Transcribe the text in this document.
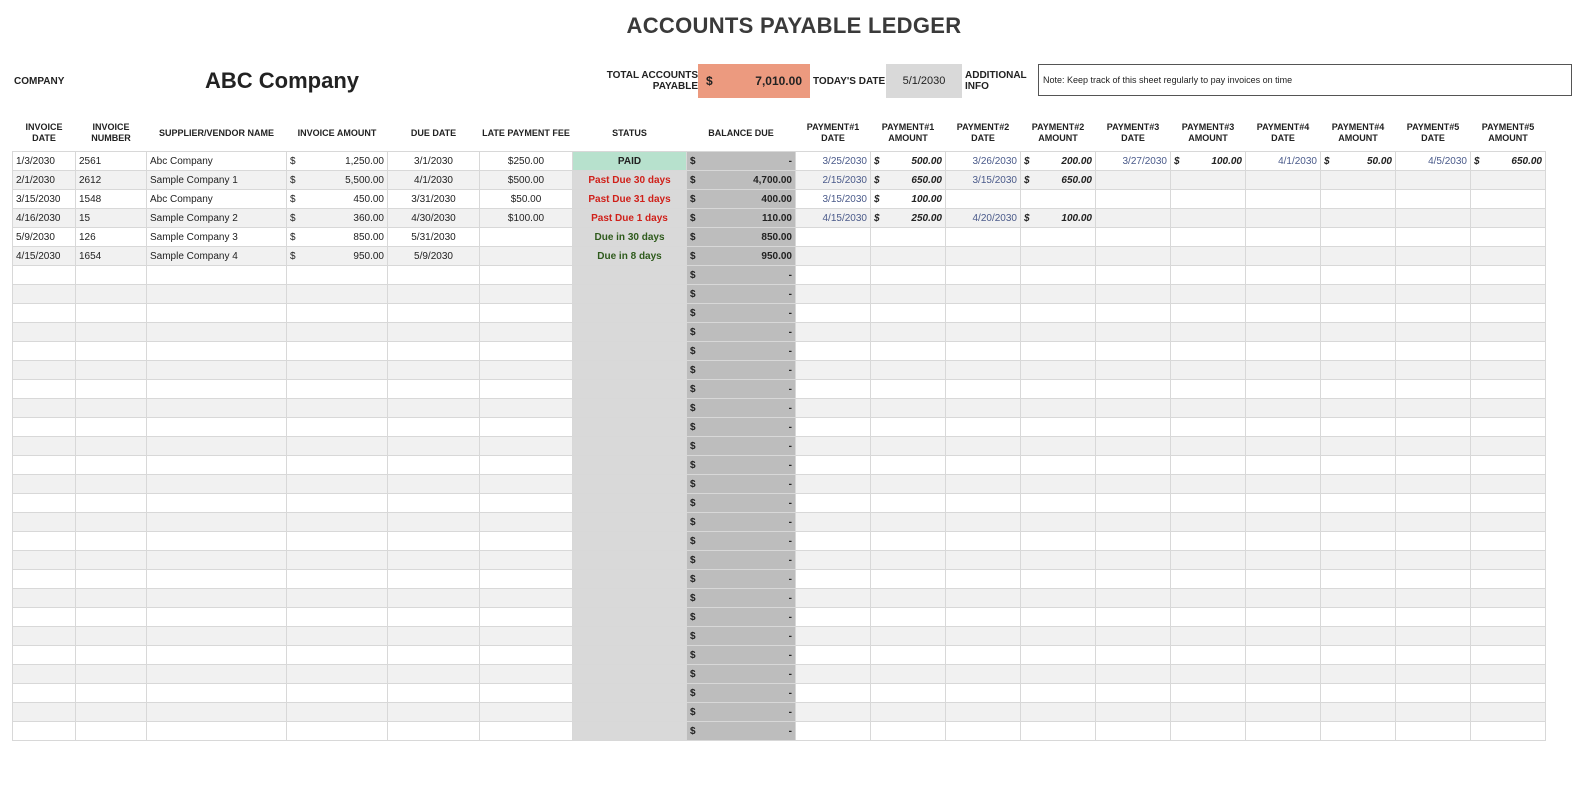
ACCOUNTS PAYABLE LEDGER
COMPANY	ABC Company	TOTAL ACCOUNTS PAYABLE $	7,010.00 TODAY'S DATE	5/1/2030	ADDITIONAL INFO
Note: Keep track of this sheet regularly to pay invoices on time
INVOICE DATE	INVOICE NUMBER	SUPPLIER/VENDOR NAME	INVOICE AMOUNT	DUE DATE	LATE PAYMENT FEE	STATUS	BALANCE DUE	PAYMENT#1 DATE	PAYMENT#1 AMOUNT	PAYMENT#2 DATE	PAYMENT#2 AMOUNT	PAYMENT#3 DATE	PAYMENT#3 AMOUNT	PAYMENT#4 DATE	PAYMENT#4 AMOUNT	PAYMENT#5 DATE	PAYMENT#5 AMOUNT
1/3/2030	2561	Abc Company	$ 1,250.00	3/1/2030	$250.00	PAID	$ -	3/25/2030	$ 500.00	3/26/2030	$ 200.00	3/27/2030	$ 100.00	4/1/2030	$ 50.00	4/5/2030	$ 650.00

2/1/2030	2612	Sample Company 1	$ 5,500.00	4/1/2030	$500.00	Past Due 30 days	$ 4,700.00	2/15/2030	$ 650.00	3/15/2030	$ 650.00						

3/15/2030	1548	Abc Company	$ 450.00	3/31/2030	$50.00	Past Due 31 days	$ 400.00	3/15/2030	$ 100.00								

4/16/2030	15	Sample Company 2	$ 360.00	4/30/2030	$100.00	Past Due 1 days	$ 110.00	4/15/2030	$ 250.00	4/20/2030	$ 100.00						

5/9/2030	126	Sample Company 3	$ 850.00	5/31/2030		Due in 30 days	$ 850.00										

4/15/2030	1654	Sample Company 4	$ 950.00	5/9/2030		Due in 8 days	$ 950.00										

							$ -										

							$ -										

							$ -										

							$ -										

							$ -										

							$ -										

							$ -										

							$ -										

							$ -										

							$ -										

							$ -										

							$ -										

							$ -										

							$ -										

							$ -										

							$ -										

							$ -										

							$ -										

							$ -										

							$ -										

							$ -										

							$ -										

							$ -										

							$ -										

							$ -										
